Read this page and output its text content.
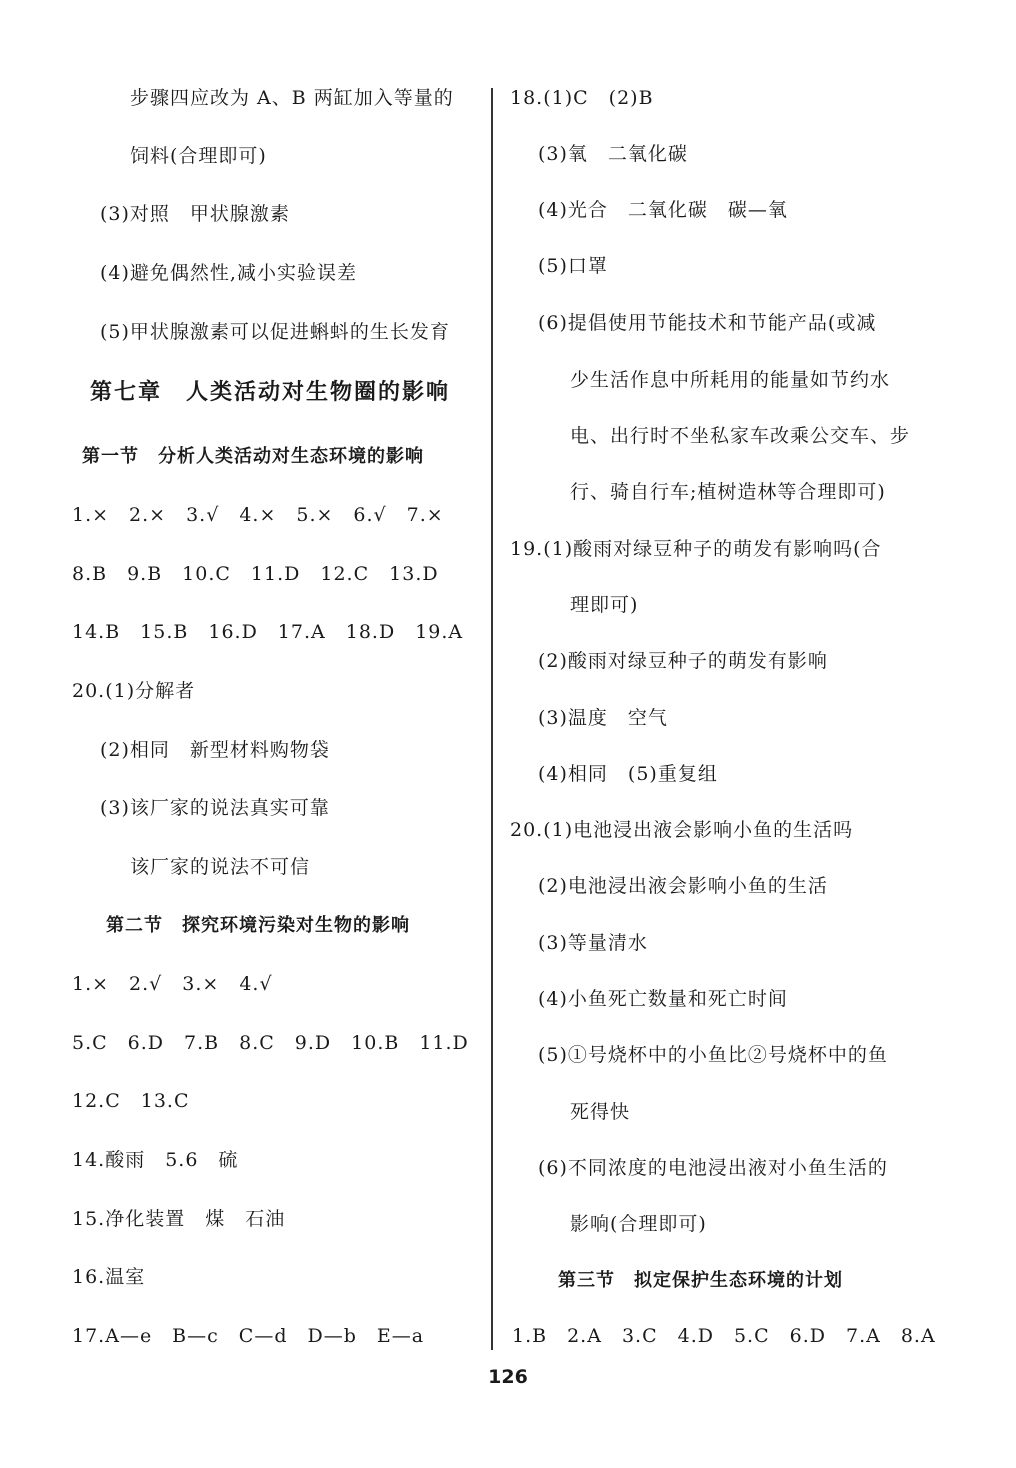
步骤四应改为 A、B 两缸加入等量的
饲料(合理即可)
(3)对照　甲状腺激素
(4)避免偶然性,减小实验误差
(5)甲状腺激素可以促进蝌蚪的生长发育
第七章　人类活动对生物圈的影响
第一节　分析人类活动对生态环境的影响
1.×　2.×　3.√　4.×　5.×　6.√　7.×
8.B　9.B　10.C　11.D　12.C　13.D
14.B　15.B　16.D　17.A　18.D　19.A
20.(1)分解者
(2)相同　新型材料购物袋
(3)该厂家的说法真实可靠
该厂家的说法不可信
第二节　探究环境污染对生物的影响
1.×　2.√　3.×　4.√
5.C　6.D　7.B　8.C　9.D　10.B　11.D
12.C　13.C
14.酸雨　5.6　硫
15.净化装置　煤　石油
16.温室
17.A—e　B—c　C—d　D—b　E—a
18.(1)C　(2)B
(3)氧　二氧化碳
(4)光合　二氧化碳　碳—氧
(5)口罩
(6)提倡使用节能技术和节能产品(或减
少生活作息中所耗用的能量如节约水
电、出行时不坐私家车改乘公交车、步
行、骑自行车;植树造林等合理即可)
19.(1)酸雨对绿豆种子的萌发有影响吗(合
理即可)
(2)酸雨对绿豆种子的萌发有影响
(3)温度　空气
(4)相同　(5)重复组
20.(1)电池浸出液会影响小鱼的生活吗
(2)电池浸出液会影响小鱼的生活
(3)等量清水
(4)小鱼死亡数量和死亡时间
(5)①号烧杯中的小鱼比②号烧杯中的鱼
死得快
(6)不同浓度的电池浸出液对小鱼生活的
影响(合理即可)
第三节　拟定保护生态环境的计划
1.B　2.A　3.C　4.D　5.C　6.D　7.A　8.A
126
